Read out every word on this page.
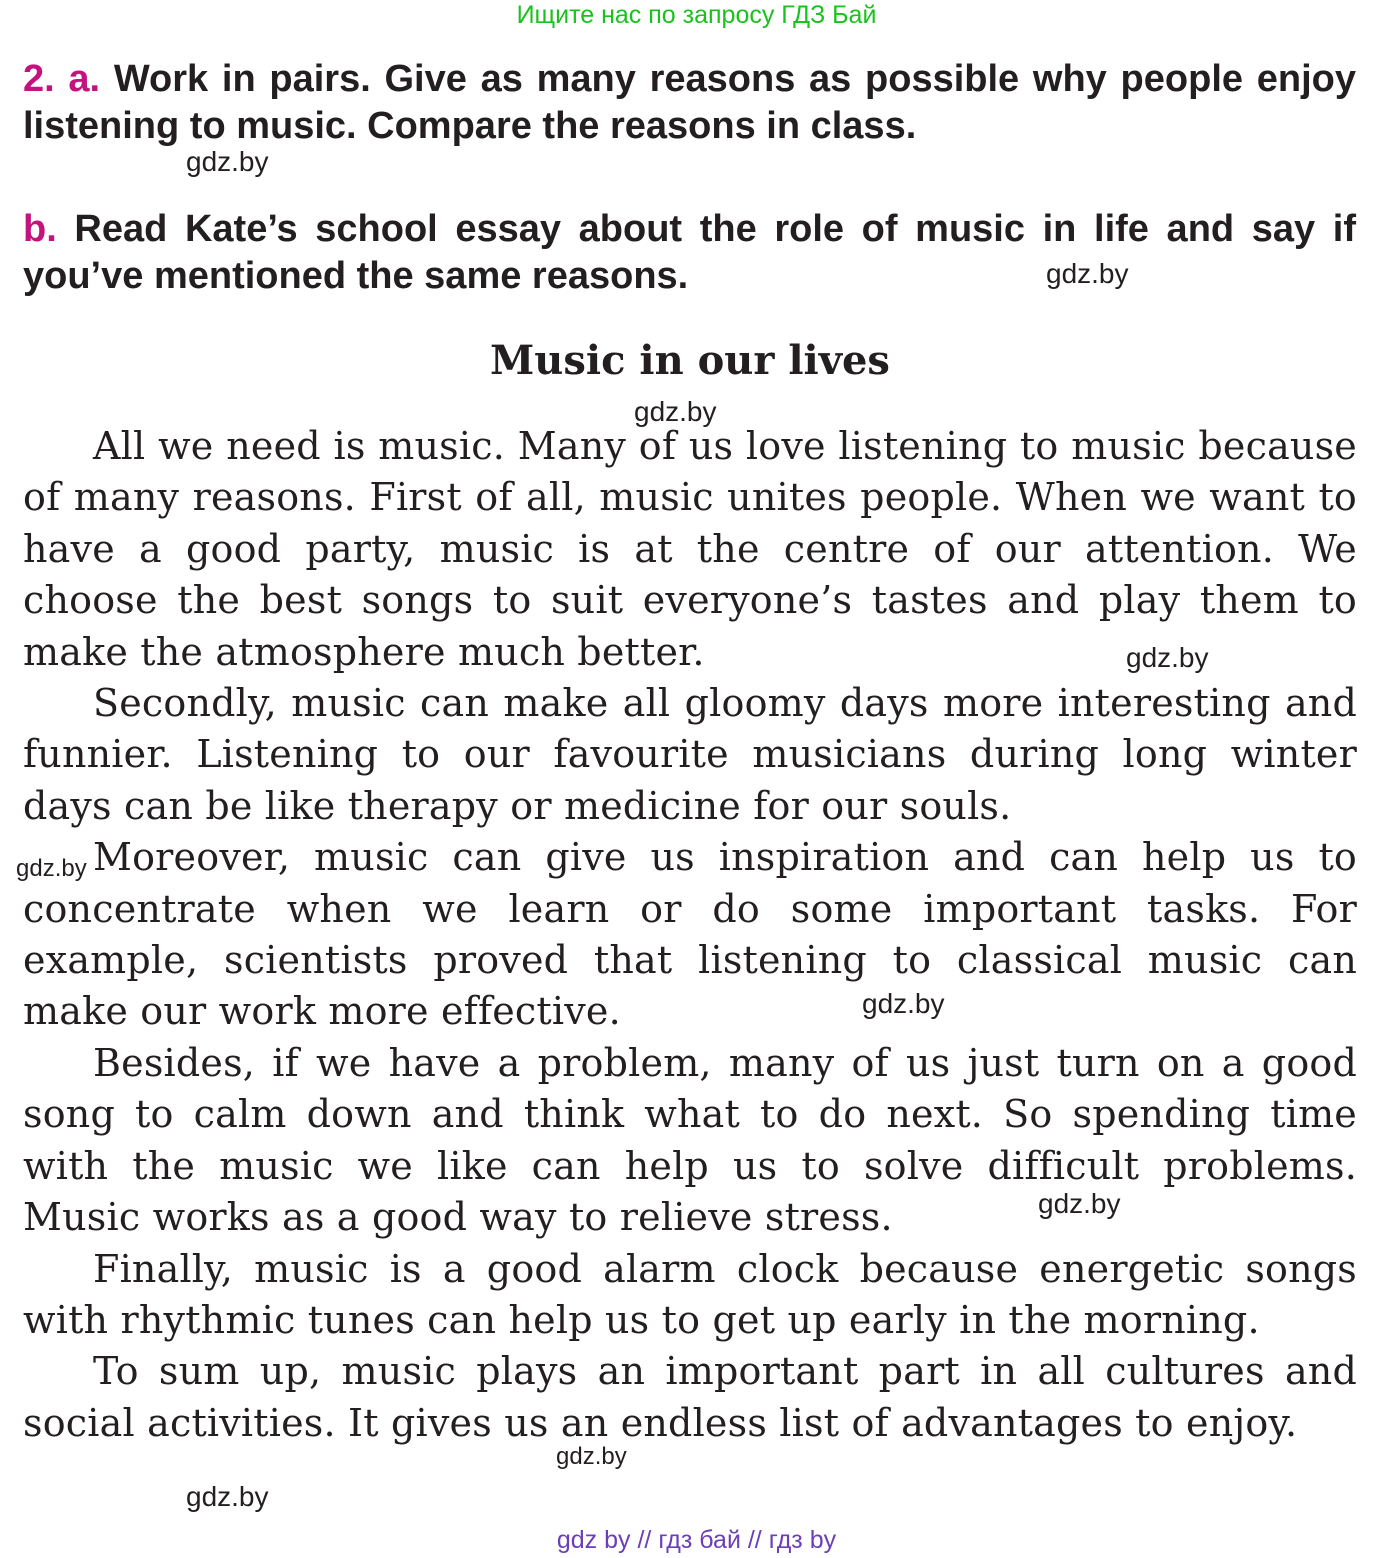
Ищите нас по запросу ГДЗ Бай
2. a. Work in pairs. Give as many reasons as possible why people enjoy listening to music. Compare the reasons in class.
b. Read Kate’s school essay about the role of music in life and say if you’ve mentioned the same reasons.
Music in our lives

All we need is music. Many of us love listening to music because of many reasons. First of all, music unites people. When we want to have a good party, music is at the centre of our attention. We choose the best songs to suit everyone’s tastes and play them to make the atmosphere much better.

Secondly, music can make all gloomy days more interesting and funnier. Listening to our favourite musicians during long winter days can be like therapy or medicine for our souls.

Moreover, music can give us inspiration and can help us to concentrate when we learn or do some important tasks. For example, scientists proved that listening to classical music can make our work more effective.

Besides, if we have a problem, many of us just turn on a good song to calm down and think what to do next. So spending time with the music we like can help us to solve difficult problems. Music works as a good way to relieve stress.

Finally, music is a good alarm clock because energetic songs with rhythmic tunes can help us to get up early in the morning.

To sum up, music plays an important part in all cultures and social activities. It gives us an endless list of advantages to enjoy.

gdz.by
gdz.by
gdz.by
gdz.by
gdz.by
gdz.by
gdz.by
gdz.by
gdz.by
gdz by // гдз бай // гдз by
